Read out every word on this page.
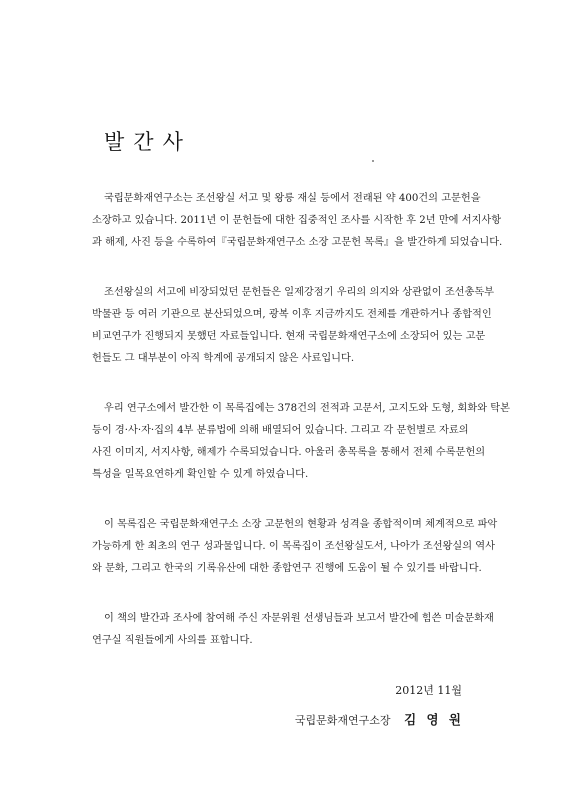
발간사

국립문화재연구소는 조선왕실 서고 및 왕릉 재실 등에서 전래된 약 400건의 고문헌을
소장하고 있습니다. 2011년 이 문헌들에 대한 집중적인 조사를 시작한 후 2년 만에 서지사항
과 해제, 사진 등을 수록하여『국립문화재연구소 소장 고문헌 목록』을 발간하게 되었습니다.

조선왕실의 서고에 비장되었던 문헌들은 일제강점기 우리의 의지와 상관없이 조선총독부
박물관 등 여러 기관으로 분산되었으며, 광복 이후 지금까지도 전체를 개관하거나 종합적인
비교연구가 진행되지 못했던 자료들입니다. 현재 국립문화재연구소에 소장되어 있는 고문
헌들도 그 대부분이 아직 학계에 공개되지 않은 사료입니다.

우리 연구소에서 발간한 이 목록집에는 378건의 전적과 고문서, 고지도와 도형, 회화와 탁본
등이 경·사·자·집의 4부 분류법에 의해 배열되어 있습니다. 그리고 각 문헌별로 자료의
사진 이미지, 서지사항, 해제가 수록되었습니다. 아울러 총목록을 통해서 전체 수록문헌의
특성을 일목요연하게 확인할 수 있게 하였습니다.

이 목록집은 국립문화재연구소 소장 고문헌의 현황과 성격을 종합적이며 체계적으로 파악
가능하게 한 최초의 연구 성과물입니다. 이 목록집이 조선왕실도서, 나아가 조선왕실의 역사
와 문화, 그리고 한국의 기록유산에 대한 종합연구 진행에 도움이 될 수 있기를 바랍니다.

이 책의 발간과 조사에 참여해 주신 자문위원 선생님들과 보고서 발간에 힘쓴 미술문화재
연구실 직원들에게 사의를 표합니다.

2012년 11월
국립문화재연구소장 김 영 원
